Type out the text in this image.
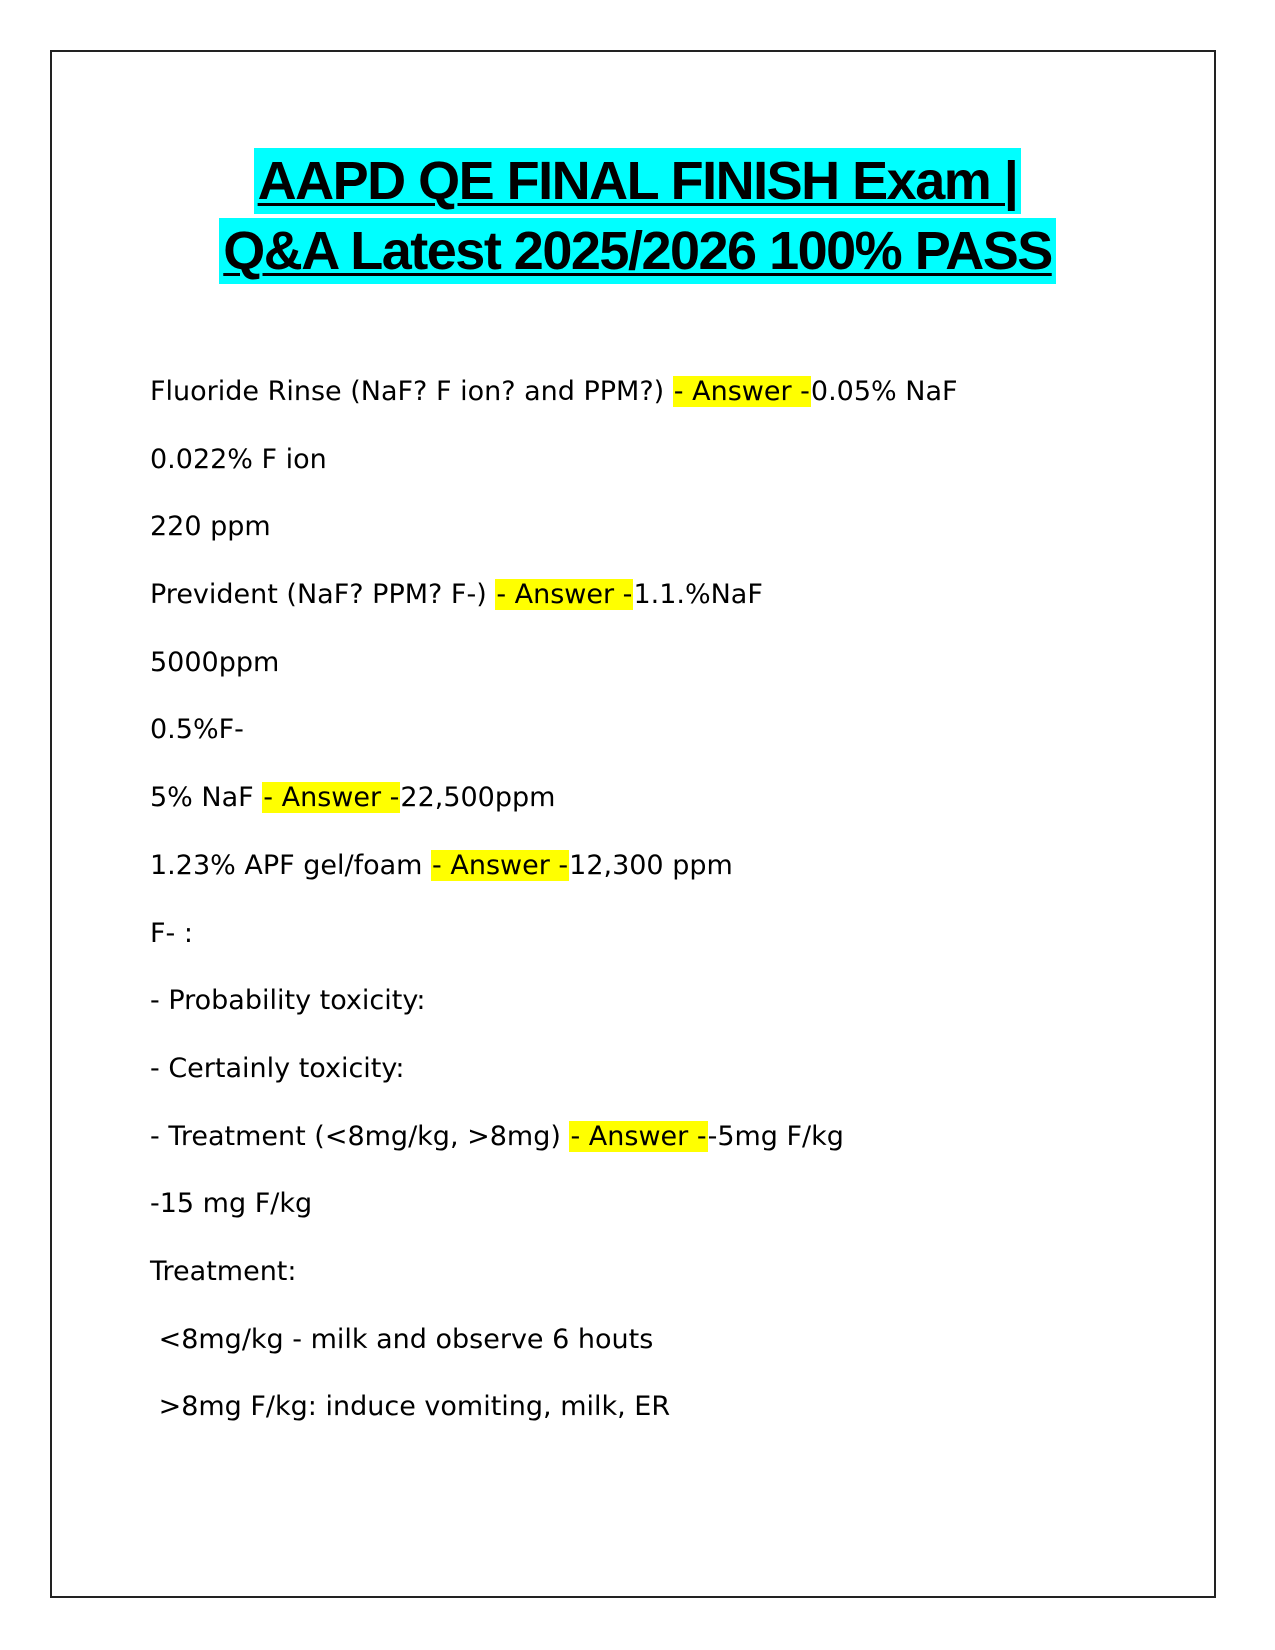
AAPD QE FINAL FINISH Exam |
Q&A Latest 2025/2026 100% PASS
Fluoride Rinse (NaF? F ion? and PPM?) - Answer -0.05% NaF
0.022% F ion
220 ppm
Prevident (NaF? PPM? F-) - Answer -1.1.%NaF
5000ppm
0.5%F-
5% NaF - Answer -22,500ppm
1.23% APF gel/foam - Answer -12,300 ppm
F- :
- Probability toxicity:
- Certainly toxicity:
- Treatment (<8mg/kg, >8mg) - Answer --5mg F/kg
-15 mg F/kg
Treatment:
<8mg/kg - milk and observe 6 houts
>8mg F/kg: induce vomiting, milk, ER
